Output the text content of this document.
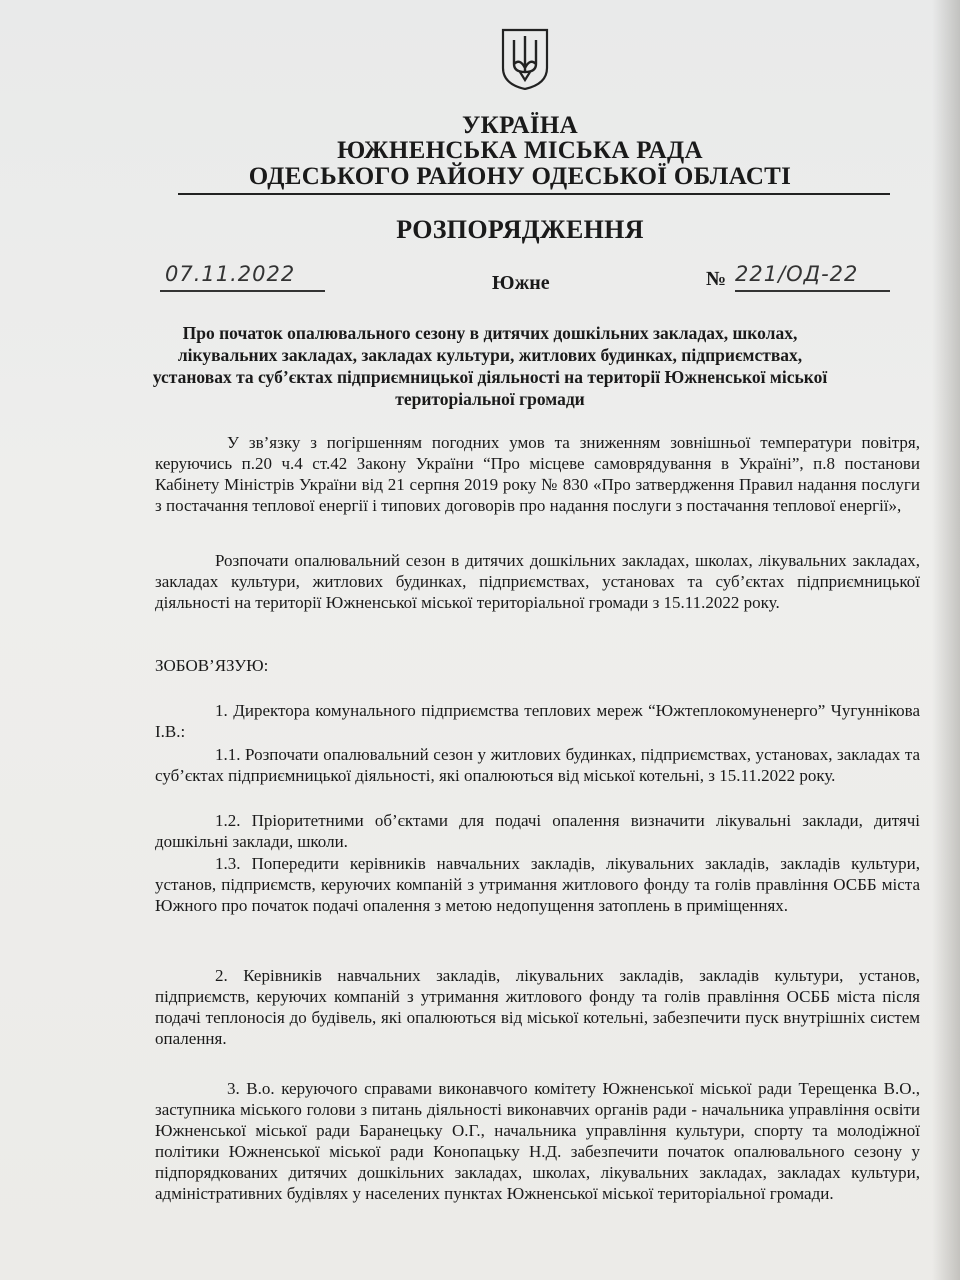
УКРАЇНА
ЮЖНЕНСЬКА МІСЬКА РАДА
ОДЕСЬКОГО РАЙОНУ ОДЕСЬКОЇ ОБЛАСТІ
РОЗПОРЯДЖЕННЯ
07.11.2022	Южне	№ 221/ОД-22
Про початок опалювального сезону в дитячих дошкільних закладах, школах, лікувальних закладах, закладах культури, житлових будинках, підприємствах, установах та суб’єктах підприємницької діяльності на території Южненської міської територіальної громади
У зв’язку з погіршенням погодних умов та зниженням зовнішньої температури повітря, керуючись п.20 ч.4 ст.42 Закону України “Про місцеве самоврядування в Україні”, п.8 постанови Кабінету Міністрів України від 21 серпня 2019 року № 830 «Про затвердження Правил надання послуги з постачання теплової енергії і типових договорів про надання послуги з постачання теплової енергії»,
Розпочати опалювальний сезон в дитячих дошкільних закладах, школах, лікувальних закладах, закладах культури, житлових будинках, підприємствах, установах та суб’єктах підприємницької діяльності на території Южненської міської територіальної громади з 15.11.2022 року.
ЗОБОВ’ЯЗУЮ:
1. Директора комунального підприємства теплових мереж “Южтеплокомуненерго” Чугуннікова І.В.:
1.1. Розпочати опалювальний сезон у житлових будинках, підприємствах, установах, закладах та суб’єктах підприємницької діяльності, які опалюються від міської котельні, з 15.11.2022 року.
1.2. Пріоритетними об’єктами для подачі опалення визначити лікувальні заклади, дитячі дошкільні заклади, школи.
1.3. Попередити керівників навчальних закладів, лікувальних закладів, закладів культури, установ, підприємств, керуючих компаній з утримання житлового фонду та голів правління ОСББ міста Южного про початок подачі опалення з метою недопущення затоплень в приміщеннях.
2. Керівників навчальних закладів, лікувальних закладів, закладів культури, установ, підприємств, керуючих компаній з утримання житлового фонду та голів правління ОСББ міста після подачі теплоносія до будівель, які опалюються від міської котельні, забезпечити пуск внутрішніх систем опалення.
3. В.о. керуючого справами виконавчого комітету Южненської міської ради Терещенка В.О., заступника міського голови з питань діяльності виконавчих органів ради - начальника управління освіти Южненської міської ради Баранецьку О.Г., начальника управління культури, спорту та молодіжної політики Южненської міської ради Конопацьку Н.Д. забезпечити початок опалювального сезону у підпорядкованих дитячих дошкільних закладах, школах, лікувальних закладах, закладах культури, адміністративних будівлях у населених пунктах Южненської міської територіальної громади.
